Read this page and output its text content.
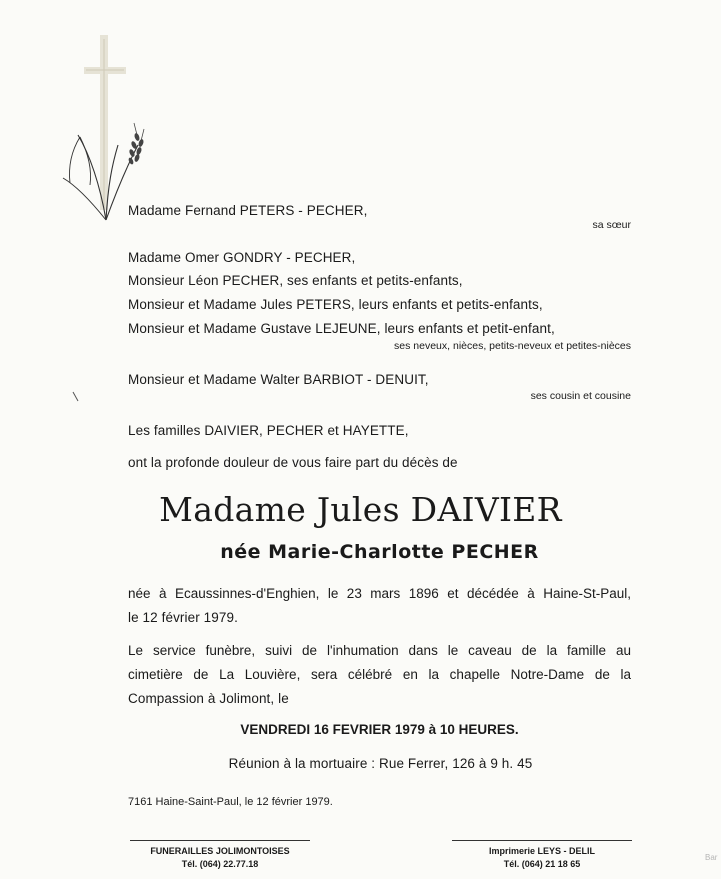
Madame Fernand PETERS - PECHER,
sa sœur
Madame Omer GONDRY - PECHER,
Monsieur Léon PECHER, ses enfants et petits-enfants,
Monsieur et Madame Jules PETERS, leurs enfants et petits-enfants,
Monsieur et Madame Gustave LEJEUNE, leurs enfants et petit-enfant,
ses neveux, nièces, petits-neveux et petites-nièces
Monsieur et Madame Walter BARBIOT - DENUIT,
ses cousin et cousine
Les familles DAIVIER, PECHER et HAYETTE,
ont la profonde douleur de vous faire part du décès de
Madame Jules DAIVIER
née Marie-Charlotte PECHER
née à Ecaussinnes-d'Enghien, le 23 mars 1896 et décédée à Haine-St-Paul,
le 12 février 1979.
Le service funèbre, suivi de l'inhumation dans le caveau de la famille au
cimetière de La Louvière, sera célébré en la chapelle Notre-Dame de la
Compassion à Jolimont, le
VENDREDI 16 FEVRIER 1979 à 10 HEURES.
Réunion à la mortuaire : Rue Ferrer, 126 à 9 h. 45
7161 Haine-Saint-Paul, le 12 février 1979.
FUNERAILLES JOLIMONTOISES
Tél. (064) 22.77.18
Imprimerie LEYS - DELIL
Tél. (064) 21 18 65
Bar
